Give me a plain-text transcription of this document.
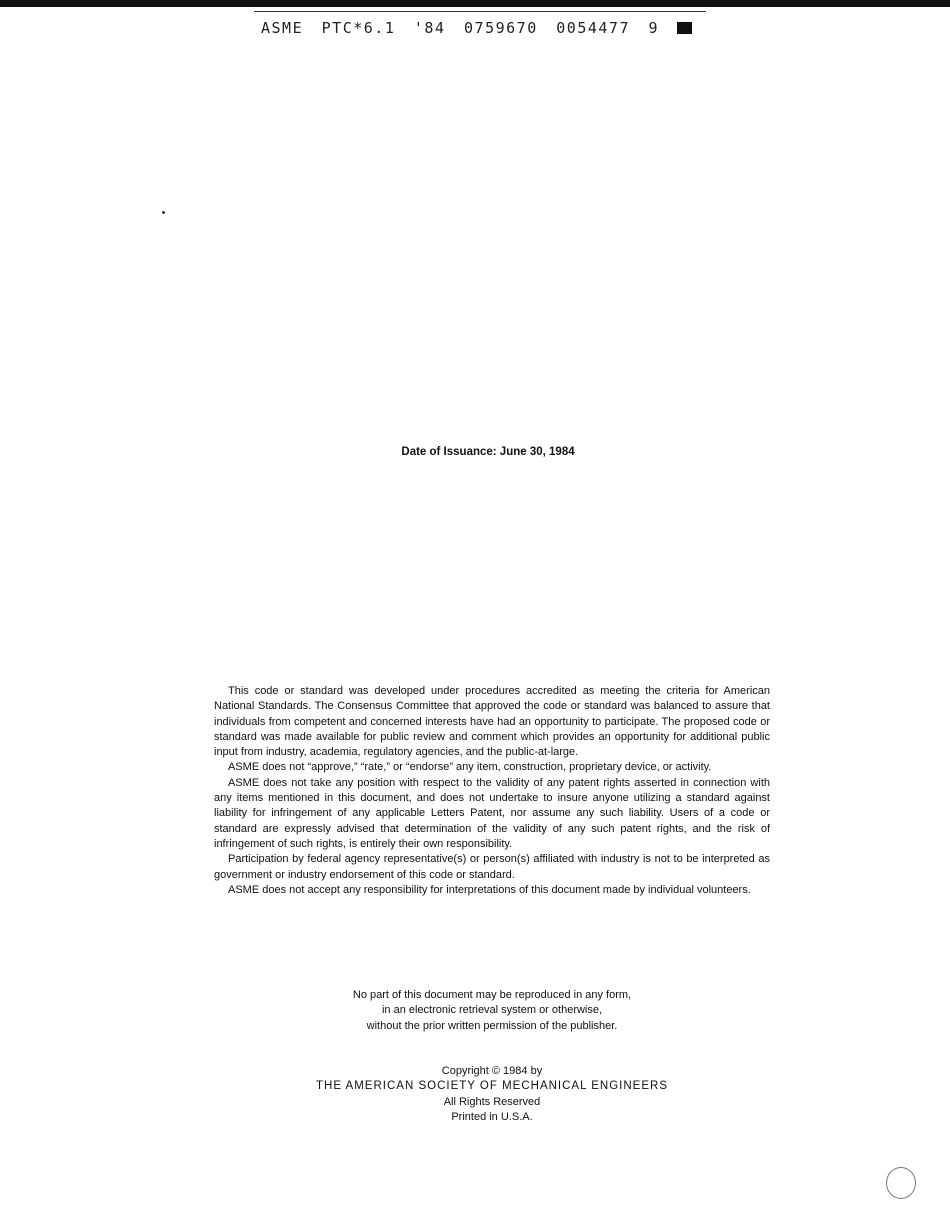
ASME PTC*6.1 '84 0759670 0054477 9
Date of Issuance: June 30, 1984

This code or standard was developed under procedures accredited as meeting the criteria for American National Standards. The Consensus Committee that approved the code or standard was balanced to assure that individuals from competent and concerned interests have had an opportunity to participate. The proposed code or standard was made available for public review and comment which provides an opportunity for additional public input from industry, academia, regulatory agencies, and the public-at-large.

ASME does not “approve,” “rate,” or “endorse” any item, construction, proprietary device, or activity.

ASME does not take any position with respect to the validity of any patent rights asserted in connection with any items mentioned in this document, and does not undertake to insure anyone utilizing a standard against liability for infringement of any applicable Letters Patent, nor assume any such liability. Users of a code or standard are expressly advised that determination of the validity of any such patent rights, and the risk of infringement of such rights, is entirely their own responsibility.

Participation by federal agency representative(s) or person(s) affiliated with industry is not to be interpreted as government or industry endorsement of this code or standard.

ASME does not accept any responsibility for interpretations of this document made by individual volunteers.

No part of this document may be reproduced in any form,
in an electronic retrieval system or otherwise,
without the prior written permission of the publisher.
Copyright © 1984 by
THE AMERICAN SOCIETY OF MECHANICAL ENGINEERS
All Rights Reserved
Printed in U.S.A.
